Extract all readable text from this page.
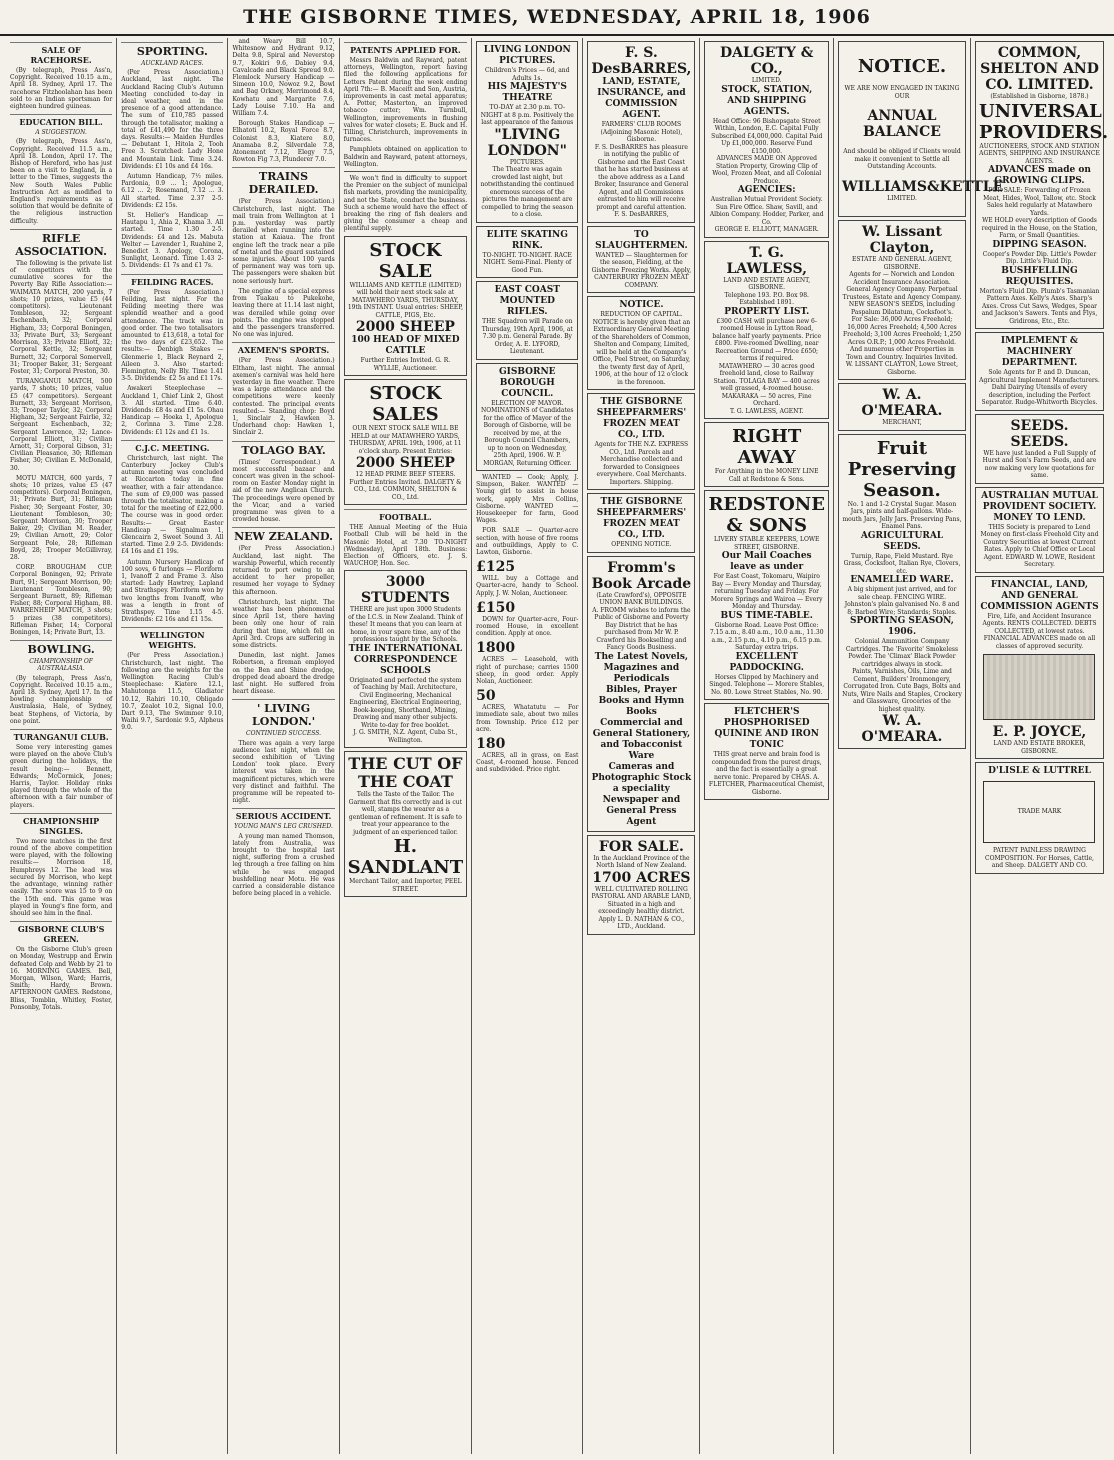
THE GISBORNE TIMES, WEDNESDAY, APRIL 18, 1906
SALE OF RACEHORSE.
(By telegraph, Press Ass'n, Copyright. Received 10.15 a.m., April 18. Sydney, April 17. The racehorse Fitzhoolahan has been sold to an Indian sportsman for eighteen hundred guineas.
EDUCATION BILL.
A SUGGESTION.
(By telegraph, Press Ass'n, Copyright. Received 11.5 a.m., April 18. London, April 17. The Bishop of Hereford, who has just been on a visit to England, in a letter to the Times, suggests the New South Wales Public Instruction Act as modified to England's requirements as a solution that would be definite of the religious instruction difficulty.
RIFLE ASSOCIATION.
The following is the private list of competitors with the cumulative scores for the Poverty Bay Rifle Association:— WAIMATA MATCH, 200 yards, 7 shots; 10 prizes, value £5 (44 competitors). Lieutenant Tombleson, 32; Sergeant Eschenbach, 32; Corporal Higham, 33; Corporal Boningen, 33; Private Burt, 33; Sergeant Morrison, 33; Private Elliott, 32; Corporal Kettle, 32; Sergeant Burnett, 32; Corporal Somervell, 31; Trooper Baker, 31; Sergeant Foster, 31; Corporal Preston, 30.
TURANGANUI MATCH, 500 yards, 7 shots; 10 prizes, value £5 (47 competitors). Sergeant Burnett, 33; Sergeant Morrison, 33; Trooper Taylor, 32; Corporal Higham, 32; Sergeant Fairlie, 32; Sergeant Eschenbach, 32; Sergeant Lawrence, 32; Lance-Corporal Elliott, 31; Civilian Arnott, 31; Corporal Gibson, 31; Civilian Pleasance, 30; Rifleman Fisher, 30; Civilian E. McDonald, 30.
MOTU MATCH, 600 yards, 7 shots; 10 prizes, value £5 (47 competitors). Corporal Boningen, 31; Private Burt, 31; Rifleman Fisher, 30; Sergeant Foster, 30; Lieutenant Tombleson, 30; Sergeant Morrison, 30; Trooper Baker, 29; Civilian M. Reader, 29; Civilian Arnott, 29; Color Sergeant Pole, 28; Rifleman Boyd, 28; Trooper McGillivray, 28.
CORP. BROUGHAM CUP. Corporal Boningen, 92; Private Burt, 91; Sergeant Morrison, 90; Lieutenant Tombleson, 90; Sergeant Burnett, 89; Rifleman Fisher, 88; Corporal Higham, 88. WARRENHEIP MATCH, 3 shots; 5 prizes (38 competitors). Rifleman Fisher, 14; Corporal Boningen, 14; Private Burt, 13.
BOWLING.
CHAMPIONSHIP OF AUSTRALASIA.
(By telegraph, Press Ass'n, Copyright. Received 10.15 a.m., April 18. Sydney, April 17. In the bowling championship of Australasia, Hale, of Sydney, beat Stephens, of Victoria, by one point.
TURANGANUI CLUB.
Some very interesting games were played on the above Club's green during the holidays, the result being:— Bennett, Edwards; McCormick, Jones; Harris, Taylor. Holiday rinks played through the whole of the afternoon with a fair number of players.
CHAMPIONSHIP SINGLES.
Two more matches in the first round of the above competition were played, with the following results:— Morrison 18, Humphreys 12. The lead was secured by Morrison, who kept the advantage, winning rather easily. The score was 15 to 9 on the 15th end. This game was played in Young's fine form, and should see him in the final.
GISBORNE CLUB'S GREEN.
On the Gisborne Club's green on Monday, Westrupp and Erwin defeated Colp and Webb by 21 to 16. MORNING GAMES. Bell, Morgan, Wilson, Ward; Harris, Smith; Hardy, Brown. AFTERNOON GAMES. Redstone, Bliss, Tomblin, Whitley, Foster, Ponsonby, Totals.
SPORTING.
AUCKLAND RACES.
(Per Press Association.) Auckland, last night. The Auckland Racing Club's Autumn Meeting concluded to-day in ideal weather, and in the presence of a good attendance. The sum of £10,785 passed through the totalisator, making a total of £41,490 for the three days. Results:— Maiden Hurdles — Debutant 1, Hitola 2, Tooh Free 3. Scratched: Lady Hone and Mountain Link. Time 3.24. Dividends: £1 10s and £4 16s.
Autumn Handicap, 7½ miles. Pardonia, 0.9 ... 1; Apologue, 6.12 ... 2; Rosemand, 7.12 ... 3. All started. Time 2.37 2-5. Dividends: £2 15s.
St. Helier's Handicap — Hautapu 1, Ahia 2, Khama 3. All started. Time 1.30 2-5. Dividends: £4 and 12s. Mabuta Welter — Lavender 1, Ruahine 2, Benedict 3. Apology, Corona, Sunlight, Leonard. Time 1.43 2-5. Dividends: £1 7s and £1 7s.
FEILDING RACES.
(Per Press Association.) Feilding, last night. For the Feilding meeting there was splendid weather and a good attendance. The track was in good order. The two totalisators amounted to £13,618, a total for the two days of £23,652. The results:— Denbigh Stakes — Glenmerie 1, Black Reynard 2, Aileen 3. Also started: Flemington, Nelly Bly. Time 1.41 3-5. Dividends: £2 5s and £1 17s.
Awakeri Steeplechase — Auckland 1, Chief Link 2, Ghost 3. All started. Time 6.40. Dividends: £8 4s and £1 5s. Ohau Handicap — Hoeka 1, Apologue 2, Corinna 3. Time 2.28. Dividends: £1 12s and £1 1s.
C.J.C. MEETING.
Christchurch, last night. The Canterbury Jockey Club's autumn meeting was concluded at Riccarton today in fine weather, with a fair attendance. The sum of £9,000 was passed through the totalisator, making a total for the meeting of £22,000. The course was in good order. Results:— Great Easter Handicap — Signalman 1, Glencairn 2, Sweet Sound 3. All started. Time 2.9 2-5. Dividends: £4 16s and £1 19s.
Autumn Nursery Handicap of 100 sovs, 6 furlongs — Floriform 1, Ivanoff 2 and Frame 3. Also started: Lady Hawtrey, Lapland and Strathspey. Floriform won by two lengths from Ivanoff, who was a length in front of Strathspey. Time 1.15 4-5. Dividends: £2 16s and £1 15s.
WELLINGTON WEIGHTS.
(Per Press Association.) Christchurch, last night. The following are the weights for the Wellington Racing Club's Steeplechase: Kiatere 12.1, Mahutonga 11.5, Gladiator 10.12, Rahiri 10.10, Obligado 10.7, Zealot 10.2, Signal 10.0, Dart 9.13, The Swimmer 9.10, Waihi 9.7, Sardonic 9.5, Alpheus 9.0.
and Weary Bill 10.7, Whitesnow and Hydrant 9.12, Delta 9.8, Spiral and Neverstop 9.7, Kokiri 9.6, Dabiey 9.4, Cavalcade and Black Spreud 9.0. Flemlock Nursery Handicap — Simeon 10.0, Nowoz 9.2, Bowl and Bag Orkney, Merrimond 8.4, Kowhatu and Margarite 7.6, Lady Louise 7.10. Ha and William 7.4.
Borough Stakes Handicap — Elhatoti 10.2, Royal Force 8.7, Colonist 8.3, Kiatere 8.0, Anamaba 8.2, Silverdale 7.8, Atonement 7.12, Elegy 7.5, Rowton Fig 7.3, Plunderer 7.0.
TRAINS DERAILED.
(Per Press Association.) Christchurch, last night. The mail train from Wellington at 1 p.m. yesterday was partly derailed when running into the station at Kaiaua. The front engine left the track near a pile of metal and the guard sustained some injuries. About 100 yards of permanent way was torn up. The passengers were shaken but none seriously hurt.
The engine of a special express from Tuakau to Pukekohe, leaving there at 11.14 last night, was derailed while going over points. The engine was stopped and the passengers transferred. No one was injured.
AXEMEN'S SPORTS.
(Per Press Association.) Eltham, last night. The annual axemen's carnival was held here yesterday in fine weather. There was a large attendance and the competitions were keenly contested. The principal events resulted:— Standing chop: Boyd 1, Sinclair 2, Hawken 3. Underhand chop: Hawken 1, Sinclair 2.
TOLAGO BAY.
(Times' Correspondent.) A most successful bazaar and concert was given in the school-room on Easter Monday night in aid of the new Anglican Church. The proceedings were opened by the Vicar, and a varied programme was given to a crowded house.
NEW ZEALAND.
(Per Press Association.) Auckland, last night. The warship Powerful, which recently returned to port owing to an accident to her propeller, resumed her voyage to Sydney this afternoon.
Christchurch, last night. The weather has been phenomenal since April 1st, there having been only one hour of rain during that time, which fell on April 3rd. Crops are suffering in some districts.
Dunedin, last night. James Robertson, a fireman employed on the Ben and Shine dredge, dropped dead aboard the dredge last night. He suffered from heart disease.
' LIVING LONDON.'
CONTINUED SUCCESS.
There was again a very large audience last night, when the second exhibition of 'Living London' took place. Every interest was taken in the magnificent pictures, which were very distinct and faithful. The programme will be repeated to-night.
SERIOUS ACCIDENT.
YOUNG MAN'S LEG CRUSHED.
A young man named Thomson, lately from Australia, was brought to the hospital last night, suffering from a crushed leg through a tree falling on him while he was engaged bushfelling near Motu. He was carried a considerable distance before being placed in a vehicle.
PATENTS APPLIED FOR.
Messrs Baldwin and Rayward, patent attorneys, Wellington, report having filed the following applications for Letters Patent during the week ending April 7th:— B. Maceitt and Son, Austria, improvements in cast metal apparatus; A. Potter, Masterton, an improved tobacco cutter; Wm. Turnbull, Wellington, improvements in flushing valves for water closets; E. Buck and H. Tilling, Christchurch, improvements in furnaces.
Pamphlets obtained on application to Baldwin and Rayward, patent attorneys, Wellington.
We won't find in difficulty to support the Premier on the subject of municipal fish markets, providing the municipality, and not the State, conduct the business. Such a scheme would have the effect of breaking the ring of fish dealers and giving the consumer a cheap and plentiful supply.
STOCK SALE
WILLIAMS AND KETTLE (LIMITED) will hold their next stock sale at MATAWHERO YARDS, THURSDAY, 19th INSTANT. Usual entries: SHEEP, CATTLE, PIGS, Etc.
2000 SHEEP
100 HEAD OF MIXED CATTLE
Further Entries Invited. G. R. WYLLIE, Auctioneer.
STOCK SALES
OUR NEXT STOCK SALE WILL BE HELD at our MATAWHERO YARDS, THURSDAY, APRIL 19th, 1906, at 11 o'clock sharp. Present Entries:
2000 SHEEP
12 HEAD PRIME BEEF STEERS. Further Entries Invited. DALGETY & CO., Ltd. COMMON, SHELTON & CO., Ltd.
FOOTBALL.
THE Annual Meeting of the Huia Football Club will be held in the Masonic Hotel, at 7.30 TO-NIGHT (Wednesday), April 18th. Business: Election of Officers, etc. J. S. WAUCHOP, Hon. Sec.
3000 STUDENTS
THERE are just upon 3000 Students of the I.C.S. in New Zealand. Think of these! It means that you can learn at home, in your spare time, any of the professions taught by the Schools.
THE INTERNATIONAL CORRESPONDENCE SCHOOLS
Originated and perfected the system of Teaching by Mail. Architecture, Civil Engineering, Mechanical Engineering, Electrical Engineering, Book-keeping, Shorthand, Mining, Drawing and many other subjects. Write to-day for free booklet.
J. G. SMITH, N.Z. Agent, Cuba St., Wellington.
THE CUT OF THE COAT
Tells the Taste of the Tailor. The Garment that fits correctly and is cut well, stamps the wearer as a gentleman of refinement. It is safe to treat your appearance to the judgment of an experienced tailor.
H. SANDLANT
Merchant Tailor, and Importer, PEEL STREET.
LIVING LONDON PICTURES.
Children's Prices — 6d, and Adults 1s.
HIS MAJESTY'S THEATRE
TO-DAY at 2.30 p.m. TO-NIGHT at 8 p.m. Positively the last appearance of the famous
"LIVING LONDON"
PICTURES.
The Theatre was again crowded last night, but notwithstanding the continued enormous success of the pictures the management are compelled to bring the season to a close.
ELITE SKATING RINK.
TO-NIGHT. TO-NIGHT. RACE NIGHT. Semi-Final. Plenty of Good Fun.
EAST COAST MOUNTED RIFLES.
THE Squadron will Parade on Thursday, 19th April, 1906, at 7.30 p.m. General Parade. By Order, A. E. LYFORD, Lieutenant.
GISBORNE BOROUGH COUNCIL.
ELECTION OF MAYOR.
NOMINATIONS of Candidates for the office of Mayor of the Borough of Gisborne, will be received by me, at the Borough Council Chambers, up to noon on Wednesday, 25th April, 1906. W. P. MORGAN, Returning Officer.
WANTED — Cook; Apply, J. Simpson, Baker. WANTED — Young girl to assist in house work, apply Mrs Collins, Gisborne. WANTED — Housekeeper for farm, Good Wages.
FOR SALE — Quarter-acre section, with house of five rooms and outbuildings, Apply to C. Lawton, Gisborne.
£125
WILL buy a Cottage and Quarter-acre, handy to School. Apply, J. W. Nolan, Auctioneer.
£150
DOWN for Quarter-acre, Four-roomed House, in excellent condition. Apply at once.
1800
ACRES — Leasehold, with right of purchase; carries 1500 sheep, in good order. Apply Nolan, Auctioneer.
50
ACRES, Whatatutu — For immediate sale, about two miles from Township. Price £12 per acre.
180
ACRES, all in grass, on East Coast, 4-roomed house. Fenced and subdivided. Price right.
F. S. DesBARRES,
LAND, ESTATE,
INSURANCE, and
COMMISSION AGENT.
FARMERS' CLUB ROOMS (Adjoining Masonic Hotel), Gisborne.
F. S. DesBARRES has pleasure in notifying the public of Gisborne and the East Coast that he has started business at the above address as a Land Broker, Insurance and General Agent, and all Commissions entrusted to him will receive prompt and careful attention.
F. S. DesBARRES,
TO SLAUGHTERMEN.
WANTED — Slaughtermen for the season, Fielding, at the Gisborne Freezing Works. Apply, CANTERBURY FROZEN MEAT COMPANY.
NOTICE.
REDUCTION OF CAPITAL.
NOTICE is hereby given that an Extraordinary General Meeting of the Shareholders of Common, Shelton and Company, Limited, will be held at the Company's Office, Peel Street, on Saturday, the twenty first day of April, 1906, at the hour of 12 o'clock in the forenoon.
THE GISBORNE SHEEPFARMERS' FROZEN MEAT CO., LTD.
Agents for THE N.Z. EXPRESS CO., Ltd. Parcels and Merchandise collected and forwarded to Consignees everywhere. Coal Merchants. Importers. Shipping.
THE GISBORNE SHEEPFARMERS' FROZEN MEAT CO., LTD.
OPENING NOTICE.
Fromm's Book Arcade
(Late Crawford's), OPPOSITE UNION BANK BUILDINGS.
A. FROMM wishes to inform the Public of Gisborne and Poverty Bay District that he has purchased from Mr W. P. Crawford his Bookselling and Fancy Goods Business.
The Latest Novels, Magazines and Periodicals
Bibles, Prayer Books and Hymn Books
Commercial and General Stationery, and Tobacconist Ware
Cameras and Photographic Stock a speciality
Newspaper and General Press Agent
FOR SALE.
In the Auckland Province of the North Island of New Zealand.
1700 ACRES
WELL CULTIVATED ROLLING PASTORAL AND ARABLE LAND, Situated in a high and exceedingly healthy district. Apply L. D. NATHAN & CO., LTD., Auckland.
DALGETY & CO.,
LIMITED.
STOCK, STATION, AND SHIPPING AGENTS.
Head Office: 96 Bishopsgate Street Within, London, E.C. Capital Fully Subscribed £4,000,000. Capital Paid Up £1,000,000. Reserve Fund £150,000.
ADVANCES MADE ON Approved Station Property, Growing Clip of Wool, Frozen Meat, and all Colonial Produce.
AGENCIES:
Australian Mutual Provident Society. Sun Fire Office. Shaw, Savill, and Albion Company. Hodder, Parker, and Co.
GEORGE E. ELLIOTT, MANAGER.
T. G. LAWLESS,
LAND AND ESTATE AGENT, GISBORNE.
Telephone 193. P.O. Box 98. Established 1891.
PROPERTY LIST.
£300 CASH will purchase new 6-roomed House in Lytton Road, balance half yearly payments. Price £800. Five-roomed Dwelling, near Recreation Ground — Price £650; terms if required.
MATAWHERO — 30 acres good freehold land, close to Railway Station. TOLAGA BAY — 400 acres well grassed, 4-roomed house. MAKARAKA — 50 acres, Fine Orchard.
T. G. LAWLESS, AGENT.
RIGHT AWAY
For Anything in the MONEY LINE Call at Redstone & Sons.
REDSTONE & SONS
LIVERY STABLE KEEPERS, LOWE STREET, GISBORNE.
Our Mail Coaches leave as under
For East Coast, Tokomaru, Waipiro Bay — Every Monday and Thursday, returning Tuesday and Friday. For Morere Springs and Wairoa — Every Monday and Thursday.
BUS TIME-TABLE.
Gisborne Road. Leave Post Office: 7.15 a.m., 8.40 a.m., 10.0 a.m., 11.30 a.m., 2.15 p.m., 4.10 p.m., 6.15 p.m. Saturday extra trips.
EXCELLENT PADDOCKING.
Horses Clipped by Machinery and Singed. Telephone — Morere Stables, No. 80. Lowe Street Stables, No. 90.
FLETCHER'S PHOSPHORISED QUININE AND IRON TONIC
THIS great nerve and brain food is compounded from the purest drugs, and the fact is essentially a great nerve tonic. Prepared by CHAS. A. FLETCHER, Pharmaceutical Chemist, Gisborne.
NOTICE.
WE ARE NOW ENGAGED IN TAKING OUR
ANNUAL BALANCE
And should be obliged if Clients would make it convenient to Settle all Outstanding Accounts.
WILLIAMS&KETTLE
LIMITED.
W. Lissant Clayton,
ESTATE AND GENERAL AGENT, GISBORNE.
Agents for — Norwich and London Accident Insurance Association. General Agency Company. Perpetual Trustees, Estate and Agency Company.
NEW SEASON'S SEEDS, including Paspalum Dilatatum, Cocksfoot's.
For Sale: 36,000 Acres Freehold; 16,000 Acres Freehold; 4,500 Acres Freehold; 3,100 Acres Freehold; 1,250 Acres O.R.P.; 1,000 Acres Freehold. And numerous other Properties in Town and Country. Inquiries Invited.
W. LISSANT CLAYTON, Lowe Street, Gisborne.
W. A. O'MEARA.
MERCHANT,
Fruit Preserving Season.
No. 1 and 1-2 Crystal Sugar. Mason Jars, pints and half-gallons. Wide-mouth Jars, Jelly Jars. Preserving Pans, Enamel Pans.
AGRICULTURAL SEEDS.
Turnip, Rape, Field Mustard. Rye Grass, Cocksfoot, Italian Rye, Clovers, etc.
ENAMELLED WARE.
A big shipment just arrived, and for sale cheap. FENCING WIRE. Johnston's plain galvanised No. 8 and 8; Barbed Wire; Standards; Staples.
SPORTING SEASON, 1906.
Colonial Ammunition Company Cartridges. The 'Favorite' Smokeless Powder. The 'Climax' Black Powder cartridges always in stock.
Paints, Varnishes, Oils, Lime and Cement, Builders' Ironmongery, Corrugated Iron. Cute Bags, Bolts and Nuts, Wire Nails and Staples, Crockery and Glassware, Groceries of the highest quality.
W. A. O'MEARA.
COMMON, SHELTON AND CO. LIMITED.
(Established in Gisborne, 1878.)
UNIVERSAL PROVIDERS.
AUCTIONEERS, STOCK AND STATION AGENTS, SHIPPING AND INSURANCE AGENTS.
ADVANCES made on GROWING CLIPS.
FOR SALE: Forwarding of Frozen Meat, Hides, Wool, Tallow, etc. Stock Sales held regularly at Matawhero Yards.
WE HOLD every description of Goods required in the House, on the Station, Farm, or Small Quantities.
DIPPING SEASON.
Cooper's Powder Dip. Little's Powder Dip. Little's Fluid Dip.
BUSHFELLING REQUISITES.
Morton's Fluid Dip. Plumb's Tasmanian Pattern Axes. Kelly's Axes. Sharp's Axes. Cross Cut Saws, Wedges, Spear and Jackson's Sawers. Tents and Flys, Gridirons, Etc., Etc.
IMPLEMENT & MACHINERY DEPARTMENT.
Sole Agents for P. and D. Duncan, Agricultural Implement Manufacturers. Dahl Dairying Utensils of every description, including the Perfect Separator. Rudge-Whitworth Bicycles.
SEEDS. SEEDS.
WE have just landed a Full Supply of Hurst and Son's Farm Seeds, and are now making very low quotations for same.
AUSTRALIAN MUTUAL PROVIDENT SOCIETY.
MONEY TO LEND.
THIS Society is prepared to Lend Money on first-class Freehold City and Country Securities at lowest Current Rates. Apply to Chief Office or Local Agent. EDWARD W. LOWE, Resident Secretary.
FINANCIAL, LAND, AND GENERAL COMMISSION AGENTS
Fire, Life, and Accident Insurance Agents. RENTS COLLECTED. DEBTS COLLECTED, at lowest rates. FINANCIAL ADVANCES made on all classes of approved security.
E. P. JOYCE,
LAND AND ESTATE BROKER, GISBORNE.
D'LISLE & LUTTREL
TRADE MARK
PATENT PAINLESS DRAWING COMPOSITION. For Horses, Cattle, and Sheep. DALGETY AND CO.
